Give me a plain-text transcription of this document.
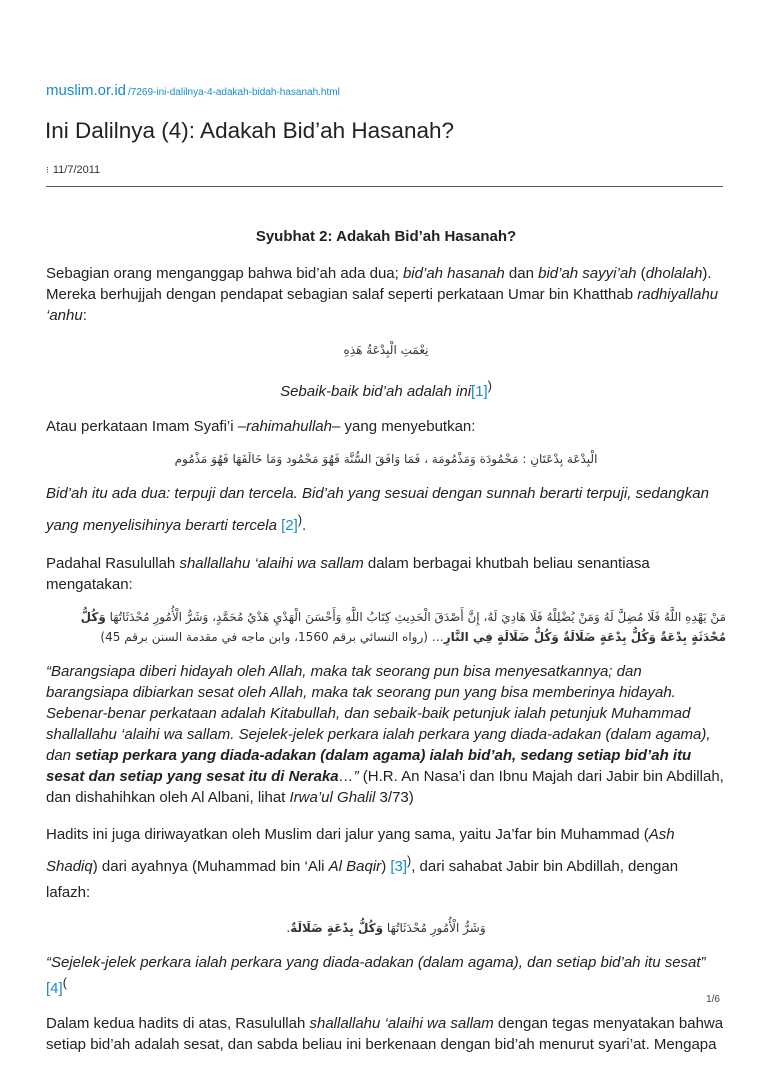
muslim.or.id /7269-ini-dalilnya-4-adakah-bidah-hasanah.html
Ini Dalilnya (4): Adakah Bid’ah Hasanah?
⁝ 11/7/2011

Syubhat 2: Adakah Bid’ah Hasanah?

Sebagian orang menganggap bahwa bid’ah ada dua; bid’ah hasanah dan bid’ah sayyi’ah (dholalah). Mereka berhujjah dengan pendapat sebagian salaf seperti perkataan Umar bin Khatthab radhiyallahu ‘anhu:

نِعْمَتِ الْبِدْعَةُ هَذِهِ

Sebaik-baik bid’ah adalah ini[1])

Atau perkataan Imam Syafi’i –rahimahullah– yang menyebutkan:

الْبِدْعَة بِدْعَتَانِ : مَحْمُودَة وَمَذْمُومَة ، فَمَا وَافَقَ السُّنَّة فَهُوَ مَحْمُود وَمَا خَالَفَهَا فَهُوَ مَذْمُوم

Bid’ah itu ada dua: terpuji dan tercela. Bid’ah yang sesuai dengan sunnah berarti terpuji, sedangkan yang menyelisihinya berarti tercela [2]).

Padahal Rasulullah shallallahu ‘alaihi wa sallam dalam berbagai khutbah beliau senantiasa mengatakan:

مَنْ يَهْدِهِ اللَّهُ فَلَا مُضِلَّ لَهُ وَمَنْ يُضْلِلْهُ فَلَا هَادِيَ لَهُ، إِنَّ أَصْدَقَ الْحَدِيثِ كِتَابُ اللَّهِ وَأَحْسَنَ الْهَدْيِ هَدْيُ مُحَمَّدٍ، وَشَرُّ الْأُمُورِ مُحْدَثَاتُهَا وَكُلُّ مُحْدَثَةٍ بِدْعَةٌ وَكُلُّ بِدْعَةٍ ضَلَالَةٌ وَكُلُّ ضَلَالَةٍ فِي النَّارِ… (رواه النسائي برقم 1560، وابن ماجه في مقدمة السنن برقم 45)

“Barangsiapa diberi hidayah oleh Allah, maka tak seorang pun bisa menyesatkannya; dan barangsiapa dibiarkan sesat oleh Allah, maka tak seorang pun yang bisa memberinya hidayah. Sebenar-benar perkataan adalah Kitabullah, dan sebaik-baik petunjuk ialah petunjuk Muhammad shallallahu ‘alaihi wa sallam. Sejelek-jelek perkara ialah perkara yang diada-adakan (dalam agama), dan setiap perkara yang diada-adakan (dalam agama) ialah bid’ah, sedang setiap bid’ah itu sesat dan setiap yang sesat itu di Neraka…” (H.R. An Nasa’i dan Ibnu Majah dari Jabir bin Abdillah, dan dishahihkan oleh Al Albani, lihat Irwa’ul Ghalil 3/73)

Hadits ini juga diriwayatkan oleh Muslim dari jalur yang sama, yaitu Ja’far bin Muhammad (Ash Shadiq) dari ayahnya (Muhammad bin ‘Ali Al Baqir) [3]), dari sahabat Jabir bin Abdillah, dengan lafazh:

وَشَرُّ الْأُمُورِ مُحْدَثَاتُهَا وَكُلُّ بِدْعَةٍ ضَلَالَةٌ.

“Sejelek-jelek perkara ialah perkara yang diada-adakan (dalam agama), dan setiap bid’ah itu sesat” [4](

Dalam kedua hadits di atas, Rasulullah shallallahu ‘alaihi wa sallam dengan tegas menyatakan bahwa setiap bid’ah adalah sesat, dan sabda beliau ini berkenaan dengan bid’ah menurut syari’at. Mengapa

1/6
